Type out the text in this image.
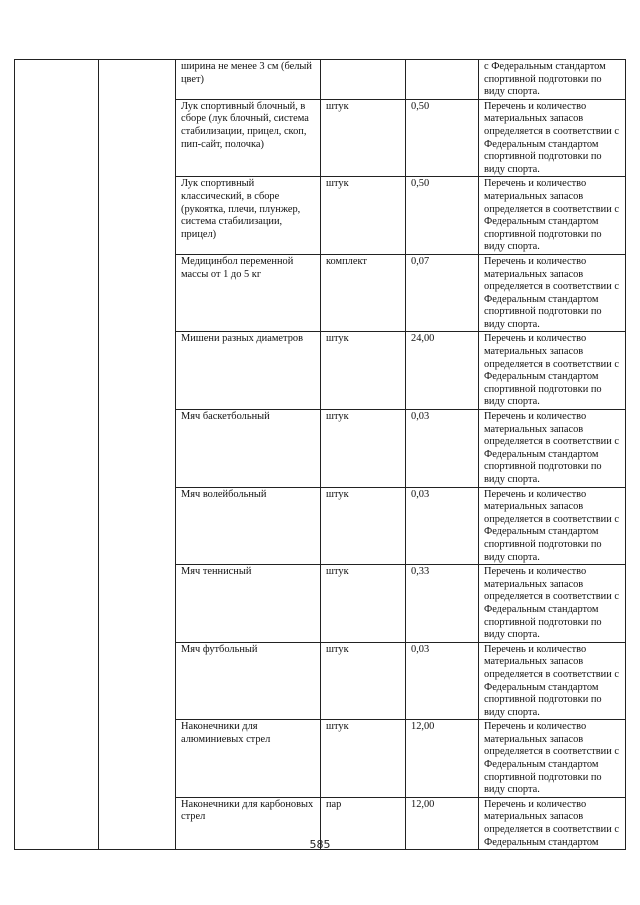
		ширина не менее 3 см (белый цвет)			с Федеральным стандартом спортивной подготовки по виду спорта.
		Лук спортивный блочный, в сборе (лук блочный, система стабилизации, прицел, скоп, пип-сайт, полочка)	штук	0,50	Перечень и количество материальных запасов определяется в соответствии с Федеральным стандартом спортивной подготовки по виду спорта.
		Лук спортивный классический, в сборе (рукоятка, плечи, плунжер, система стабилизации, прицел)	штук	0,50	Перечень и количество материальных запасов определяется в соответствии с Федеральным стандартом спортивной подготовки по виду спорта.
		Медицинбол переменной массы от 1 до 5 кг	комплект	0,07	Перечень и количество материальных запасов определяется в соответствии с Федеральным стандартом спортивной подготовки по виду спорта.
		Мишени разных диаметров	штук	24,00	Перечень и количество материальных запасов определяется в соответствии с Федеральным стандартом спортивной подготовки по виду спорта.
		Мяч баскетбольный	штук	0,03	Перечень и количество материальных запасов определяется в соответствии с Федеральным стандартом спортивной подготовки по виду спорта.
		Мяч волейбольный	штук	0,03	Перечень и количество материальных запасов определяется в соответствии с Федеральным стандартом спортивной подготовки по виду спорта.
		Мяч теннисный	штук	0,33	Перечень и количество материальных запасов определяется в соответствии с Федеральным стандартом спортивной подготовки по виду спорта.
		Мяч футбольный	штук	0,03	Перечень и количество материальных запасов определяется в соответствии с Федеральным стандартом спортивной подготовки по виду спорта.
		Наконечники для алюминиевых стрел	штук	12,00	Перечень и количество материальных запасов определяется в соответствии с Федеральным стандартом спортивной подготовки по виду спорта.
		Наконечники для карбоновых стрел	пар	12,00	Перечень и количество материальных запасов определяется в соответствии с Федеральным стандартом
585
